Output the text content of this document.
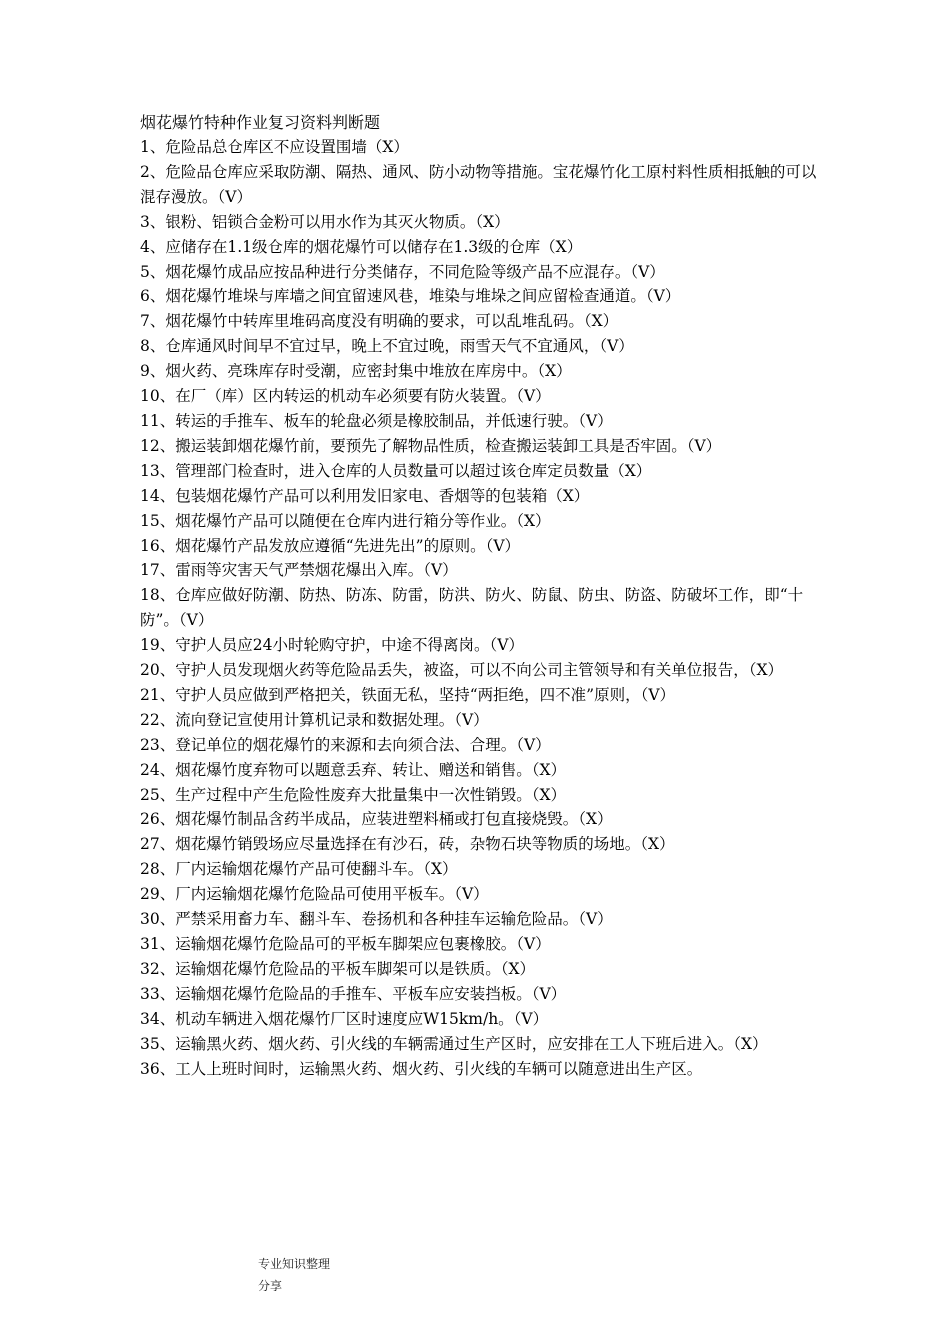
烟花爆竹特种作业复习资料判断题
1、危险品总仓库区不应设置围墙（X）
2、危险品仓库应采取防潮、隔热、通风、防小动物等措施。宝花爆竹化工原村料性质相抵触的可以混存漫放。（V）
3、银粉、铝锁合金粉可以用水作为其灭火物质。（X）
4、应储存在1.1级仓库的烟花爆竹可以储存在1.3级的仓库（X）
5、烟花爆竹成品应按品种进行分类储存，不同危险等级产品不应混存。（V）
6、烟花爆竹堆垛与库墙之间宜留速风巷，堆染与堆垛之间应留检查通道。（V）
7、烟花爆竹中转库里堆码高度没有明确的要求，可以乱堆乱码。（X）
8、仓库通风时间早不宜过早，晚上不宜过晚，雨雪天气不宜通风，（V）
9、烟火药、亮珠库存时受潮，应密封集中堆放在库房中。（X）
10、在厂（库）区内转运的机动车必须要有防火装置。（V）
11、转运的手推车、板车的轮盘必须是橡胶制品，并低速行驶。（V）
12、搬运装卸烟花爆竹前，要预先了解物品性质，检查搬运装卸工具是否牢固。（V）
13、管理部门检查时，进入仓库的人员数量可以超过该仓库定员数量（X）
14、包装烟花爆竹产品可以利用发旧家电、香烟等的包装箱（X）
15、烟花爆竹产品可以随便在仓库内进行箱分等作业。（X）
16、烟花爆竹产品发放应遵循“先进先出”的原则。（V）
17、雷雨等灾害天气严禁烟花爆出入库。（V）
18、仓库应做好防潮、防热、防冻、防雷，防洪、防火、防鼠、防虫、防盗、防破坏工作，即“十防”。（V）
19、守护人员应24小时轮购守护，中途不得离岗。（V）
20、守护人员发现烟火药等危险品丢失，被盗，可以不向公司主管领导和有关单位报告，（X）
21、守护人员应做到严格把关，铁面无私，坚持“两拒绝，四不准”原则，（V）
22、流向登记宣使用计算机记录和数据处理。（V）
23、登记单位的烟花爆竹的来源和去向须合法、合理。（V）
24、烟花爆竹度弃物可以题意丢弃、转让、赠送和销售。（X）
25、生产过程中产生危险性废弃大批量集中一次性销毁。（X）
26、烟花爆竹制品含药半成品，应装进塑料桶或打包直接烧毁。（X）
27、烟花爆竹销毁场应尽量选择在有沙石，砖，杂物石块等物质的场地。（X）
28、厂内运输烟花爆竹产品可使翻斗车。（X）
29、厂内运输烟花爆竹危险品可使用平板车。（V）
30、严禁采用畜力车、翻斗车、卷扬机和各种挂车运输危险品。（V）
31、运输烟花爆竹危险品可的平板车脚架应包裹橡胶。（V）
32、运输烟花爆竹危险品的平板车脚架可以是铁质。（X）
33、运输烟花爆竹危险品的手推车、平板车应安装挡板。（V）
34、机动车辆进入烟花爆竹厂区时速度应W15km/h。（V）
35、运输黑火药、烟火药、引火线的车辆需通过生产区时，应安排在工人下班后进入。（X）
36、工人上班时间时，运输黑火药、烟火药、引火线的车辆可以随意进出生产区。
专业知识整理分享
